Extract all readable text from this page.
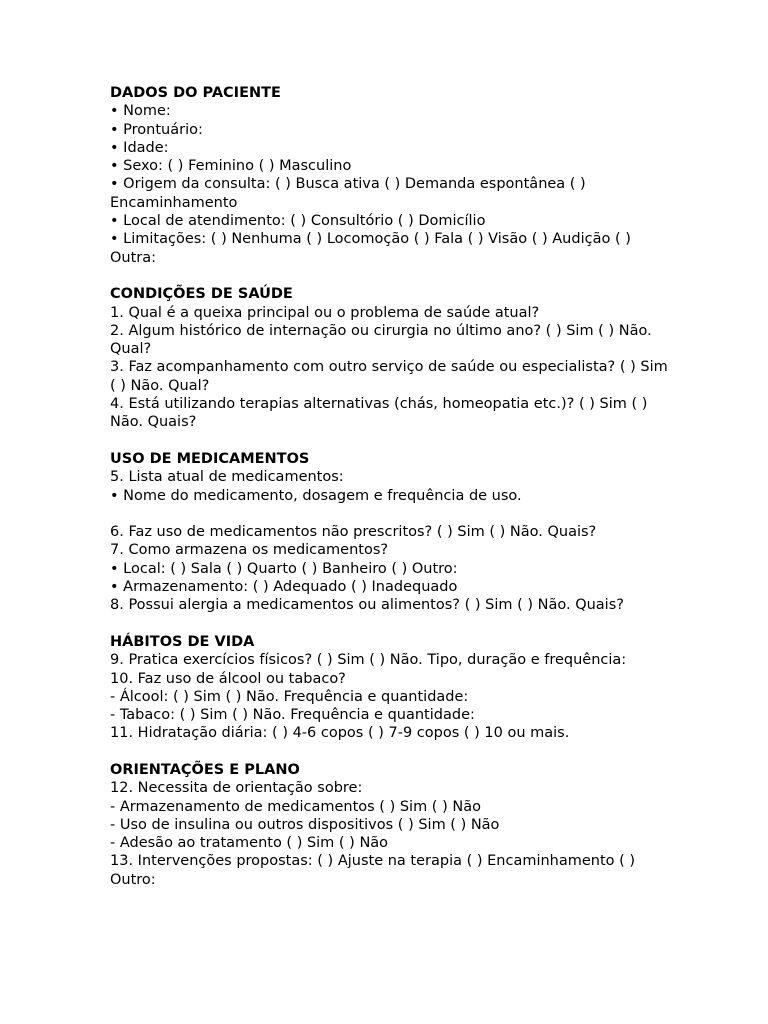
DADOS DO PACIENTE
• Nome:
• Prontuário:
• Idade:
• Sexo: ( ) Feminino ( ) Masculino
• Origem da consulta: ( ) Busca ativa ( ) Demanda espontânea ( ) Encaminhamento
• Local de atendimento: ( ) Consultório ( ) Domicílio
• Limitações: ( ) Nenhuma ( ) Locomoção ( ) Fala ( ) Visão ( ) Audição ( ) Outra:
CONDIÇÕES DE SAÚDE
1. Qual é a queixa principal ou o problema de saúde atual?
2. Algum histórico de internação ou cirurgia no último ano? ( ) Sim ( ) Não. Qual?
3. Faz acompanhamento com outro serviço de saúde ou especialista? ( ) Sim ( ) Não. Qual?
4. Está utilizando terapias alternativas (chás, homeopatia etc.)? ( ) Sim ( ) Não. Quais?
USO DE MEDICAMENTOS
5. Lista atual de medicamentos:
• Nome do medicamento, dosagem e frequência de uso.
6. Faz uso de medicamentos não prescritos? ( ) Sim ( ) Não. Quais?
7. Como armazena os medicamentos?
• Local: ( ) Sala ( ) Quarto ( ) Banheiro ( ) Outro:
• Armazenamento: ( ) Adequado ( ) Inadequado
8. Possui alergia a medicamentos ou alimentos? ( ) Sim ( ) Não. Quais?
HÁBITOS DE VIDA
9. Pratica exercícios físicos? ( ) Sim ( ) Não. Tipo, duração e frequência:
10. Faz uso de álcool ou tabaco?
- Álcool: ( ) Sim ( ) Não. Frequência e quantidade:
- Tabaco: ( ) Sim ( ) Não. Frequência e quantidade:
11. Hidratação diária: ( ) 4-6 copos ( ) 7-9 copos ( ) 10 ou mais.
ORIENTAÇÕES E PLANO
12. Necessita de orientação sobre:
- Armazenamento de medicamentos ( ) Sim ( ) Não
- Uso de insulina ou outros dispositivos ( ) Sim ( ) Não
- Adesão ao tratamento ( ) Sim ( ) Não
13. Intervenções propostas: ( ) Ajuste na terapia ( ) Encaminhamento ( ) Outro:
